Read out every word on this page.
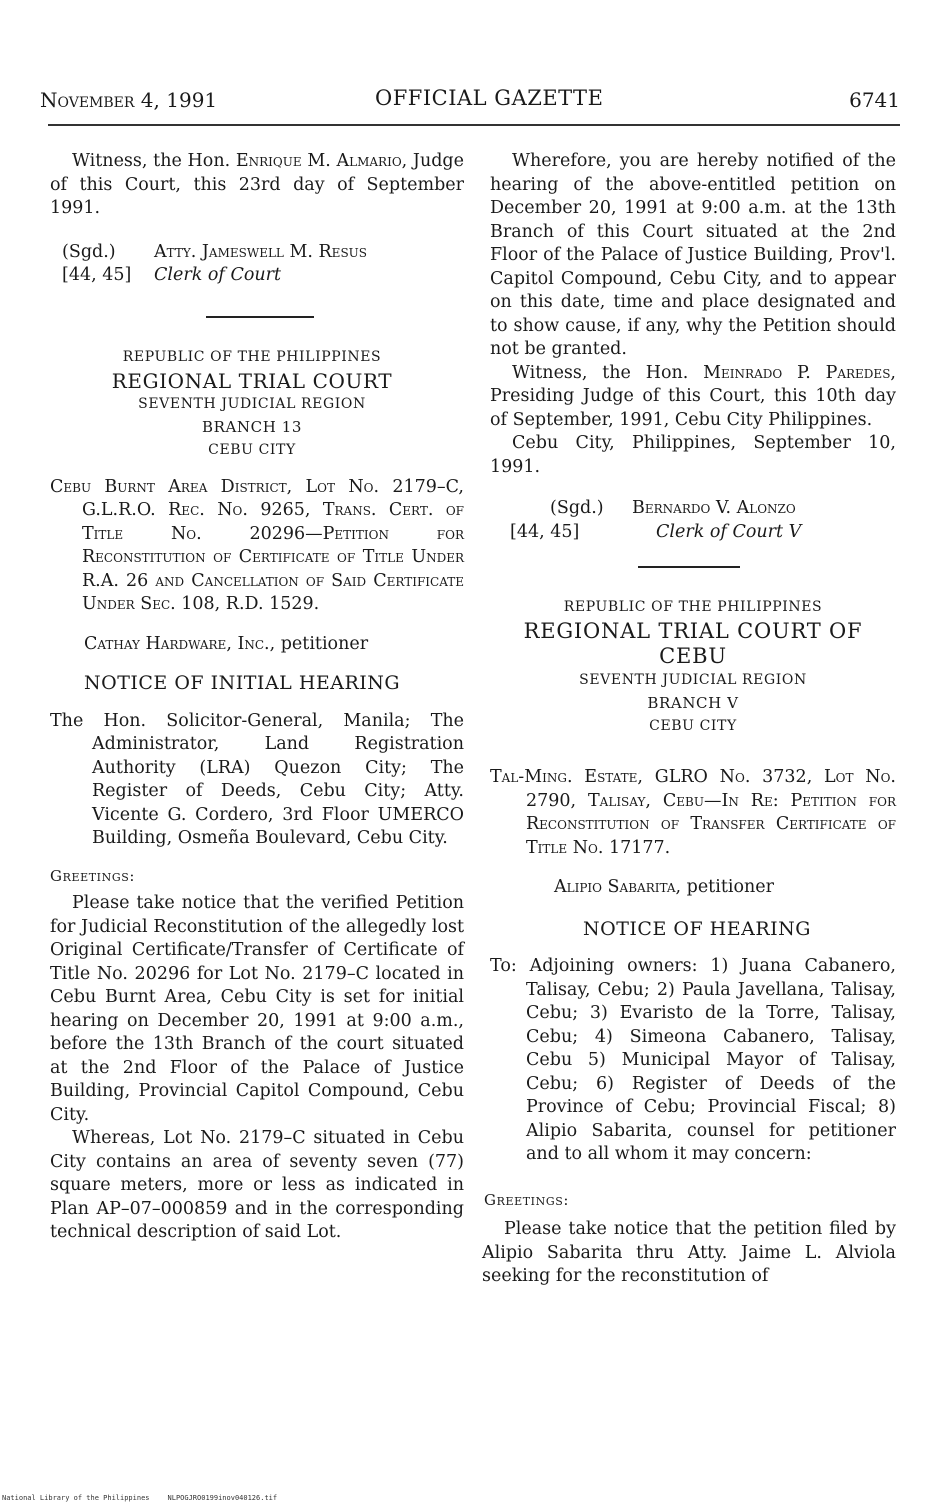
November 4, 1991	OFFICIAL GAZETTE	6741

Witness, the Hon. Enrique M. Almario, Judge of this Court, this 23rd day of September 1991.

(Sgd.)	Atty. Jameswell M. Resus
[44, 45]	Clerk of Court
REPUBLIC OF THE PHILIPPINES
REGIONAL TRIAL COURT
SEVENTH JUDICIAL REGION
BRANCH 13
CEBU CITY

Cebu Burnt Area District, Lot No. 2179–C, G.L.R.O. Rec. No. 9265, Trans. Cert. of Title No. 20296—Petition for Reconstitution of Certificate of Title Under R.A. 26 and Cancellation of Said Certificate Under Sec. 108, R.D. 1529.

Cathay Hardware, Inc., petitioner

NOTICE OF INITIAL HEARING

The Hon. Solicitor-General, Manila; The Administrator, Land Registration Authority (LRA) Quezon City; The Register of Deeds, Cebu City; Atty. Vicente G. Cordero, 3rd Floor UMERCO Building, Osmeña Boulevard, Cebu City.

Greetings:

Please take notice that the verified Petition for Judicial Reconstitution of the allegedly lost Original Certificate/Transfer of Certificate of Title No. 20296 for Lot No. 2179–C located in Cebu Burnt Area, Cebu City is set for initial hearing on December 20, 1991 at 9:00 a.m., before the 13th Branch of the court situated at the 2nd Floor of the Palace of Justice Building, Provincial Capitol Compound, Cebu City.

Whereas, Lot No. 2179–C situated in Cebu City contains an area of seventy seven (77) square meters, more or less as indicated in Plan AP–07–000859 and in the corresponding technical description of said Lot.

Wherefore, you are hereby notified of the hearing of the above-entitled petition on December 20, 1991 at 9:00 a.m. at the 13th Branch of this Court situated at the 2nd Floor of the Palace of Justice Building, Prov'l. Capitol Compound, Cebu City, and to appear on this date, time and place designated and to show cause, if any, why the Petition should not be granted.

Witness, the Hon. Meinrado P. Paredes, Presiding Judge of this Court, this 10th day of September, 1991, Cebu City Philippines.

Cebu City, Philippines, September 10, 1991.

(Sgd.)	Bernardo V. Alonzo
[44, 45]	Clerk of Court V
REPUBLIC OF THE PHILIPPINES
REGIONAL TRIAL COURT OF CEBU
SEVENTH JUDICIAL REGION
BRANCH V
CEBU CITY

Tal-Ming. Estate, GLRO No. 3732, Lot No. 2790, Talisay, Cebu—In Re: Petition for Reconstitution of Transfer Certificate of Title No. 17177.

Alipio Sabarita, petitioner

NOTICE OF HEARING

To: Adjoining owners: 1) Juana Cabanero, Talisay, Cebu; 2) Paula Javellana, Talisay, Cebu; 3) Evaristo de la Torre, Talisay, Cebu; 4) Simeona Cabanero, Talisay, Cebu 5) Municipal Mayor of Talisay, Cebu; 6) Register of Deeds of the Province of Cebu; Provincial Fiscal; 8) Alipio Sabarita, counsel for petitioner and to all whom it may concern:

Greetings:

Please take notice that the petition filed by Alipio Sabarita thru Atty. Jaime L. Alviola seeking for the reconstitution of

National Library of the Philippines	NLPOGJRO0199inov040126.tif
